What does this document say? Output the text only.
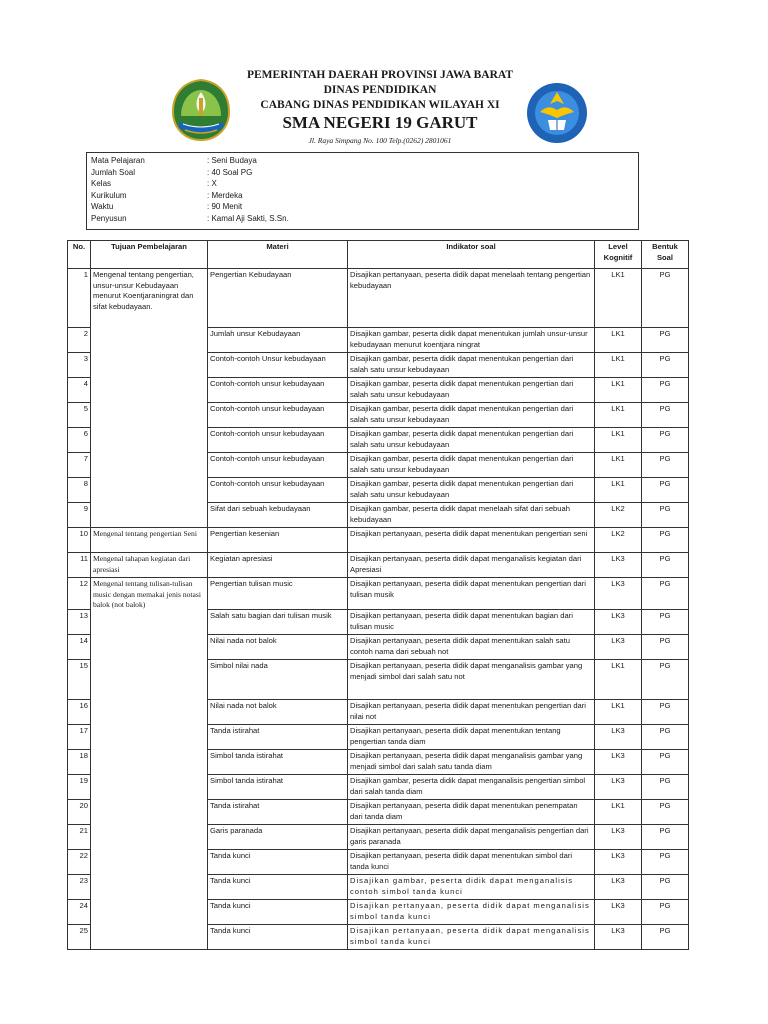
PEMERINTAH DAERAH PROVINSI JAWA BARAT
DINAS PENDIDIKAN
CABANG DINAS PENDIDIKAN WILAYAH XI
SMA NEGERI 19 GARUT
Jl. Raya Simpang No. 100 Telp.(0262) 2801061
Mata Pelajaran	: Seni Budaya
Jumlah Soal	: 40 Soal PG
Kelas	: X
Kurikulum	: Merdeka
Waktu	: 90 Menit
Penyusun	: Kamal Aji Sakti, S.Sn.
No.	Tujuan Pembelajaran	Materi	Indikator soal	Level Kognitif	Bentuk Soal
1	Mengenal tentang pengertian, unsur-unsur Kebudayaan menurut Koentjaraningrat dan sifat kebudayaan.	Pengertian Kebudayaan	Disajikan pertanyaan, peserta didik dapat menelaah tentang pengertian kebudayaan	LK1	PG
2		Jumlah unsur Kebudayaan	Disajikan gambar, peserta didik dapat menentukan jumlah unsur-unsur kebudayaan menurut koentjara ningrat	LK1	PG
3		Contoh-contoh Unsur kebudayaan	Disajikan gambar, peserta didik dapat menentukan pengertian dari salah satu unsur kebudayaan	LK1	PG
4		Contoh-contoh unsur kebudayaan	Disajikan gambar, peserta didik dapat menentukan pengertian dari salah satu unsur kebudayaan	LK1	PG
5		Contoh-contoh unsur kebudayaan	Disajikan gambar, peserta didik dapat menentukan pengertian dari salah satu unsur kebudayaan	LK1	PG
6		Contoh-contoh unsur kebudayaan	Disajikan gambar, peserta didik dapat menentukan pengertian dari salah satu unsur kebudayaan	LK1	PG
7		Contoh-contoh unsur kebudayaan	Disajikan gambar, peserta didik dapat menentukan pengertian dari salah satu unsur kebudayaan	LK1	PG
8		Contoh-contoh unsur kebudayaan	Disajikan gambar, peserta didik dapat menentukan pengertian dari salah satu unsur kebudayaan	LK1	PG
9		Sifat dari sebuah kebudayaan	Disajikan gambar, peserta didik dapat menelaah sifat dari sebuah kebudayaan	LK2	PG
10	Mengenal tentang pengertian Seni	Pengertian kesenian	Disajikan pertanyaan, peserta didik dapat menentukan pengertian seni	LK2	PG
11	Mengenal tahapan kegiatan dari apresiasi	Kegiatan apresiasi	Disajikan pertanyaan, peserta didik dapat menganalisis kegiatan dari Apresiasi	LK3	PG
12	Mengenal tentang tulisan-tulisan music dengan memakai jenis notasi balok (not balok)	Pengertian tulisan music	Disajikan pertanyaan, peserta didik dapat menentukan pengertian dari tulisan musik	LK3	PG
13		Salah satu bagian dari tulisan musik	Disajikan pertanyaan, peserta didik dapat menentukan bagian dari tulisan music	LK3	PG
14		Nilai nada not balok	Disajikan pertanyaan, peserta didik dapat menentukan salah satu contoh nama dari sebuah not	LK3	PG
15		Simbol nilai nada	Disajikan pertanyaan, peserta didik dapat menganalisis gambar yang menjadi simbol dari salah satu not	LK1	PG
16		Nilai nada not balok	Disajikan pertanyaan, peserta didik dapat menentukan pengertian dari nilai not	LK1	PG
17		Tanda istirahat	Disajikan pertanyaan, peserta didik dapat menentukan tentang pengertian tanda diam	LK3	PG
18		Simbol tanda istirahat	Disajikan pertanyaan, peserta didik dapat menganalisis gambar yang menjadi simbol dari salah satu tanda diam	LK3	PG
19		Simbol tanda istirahat	Disajikan gambar, peserta didik dapat menganalisis pengertian simbol dari salah tanda diam	LK3	PG
20		Tanda istirahat	Disajikan pertanyaan, peserta didik dapat menentukan penempatan dari tanda diam	LK1	PG
21		Garis paranada	Disajikan pertanyaan, peserta didik dapat menganalisis pengertian dari garis paranada	LK3	PG
22		Tanda kunci	Disajikan pertanyaan, peserta didik dapat menentukan simbol dari tanda kunci	LK3	PG
23		Tanda kunci	Disajikan gambar, peserta didik dapat menganalisis contoh simbol tanda kunci	LK3	PG
24		Tanda kunci	Disajikan pertanyaan, peserta didik dapat menganalisis simbol tanda kunci	LK3	PG
25		Tanda kunci	Disajikan pertanyaan, peserta didik dapat menganalisis simbol tanda kunci	LK3	PG
